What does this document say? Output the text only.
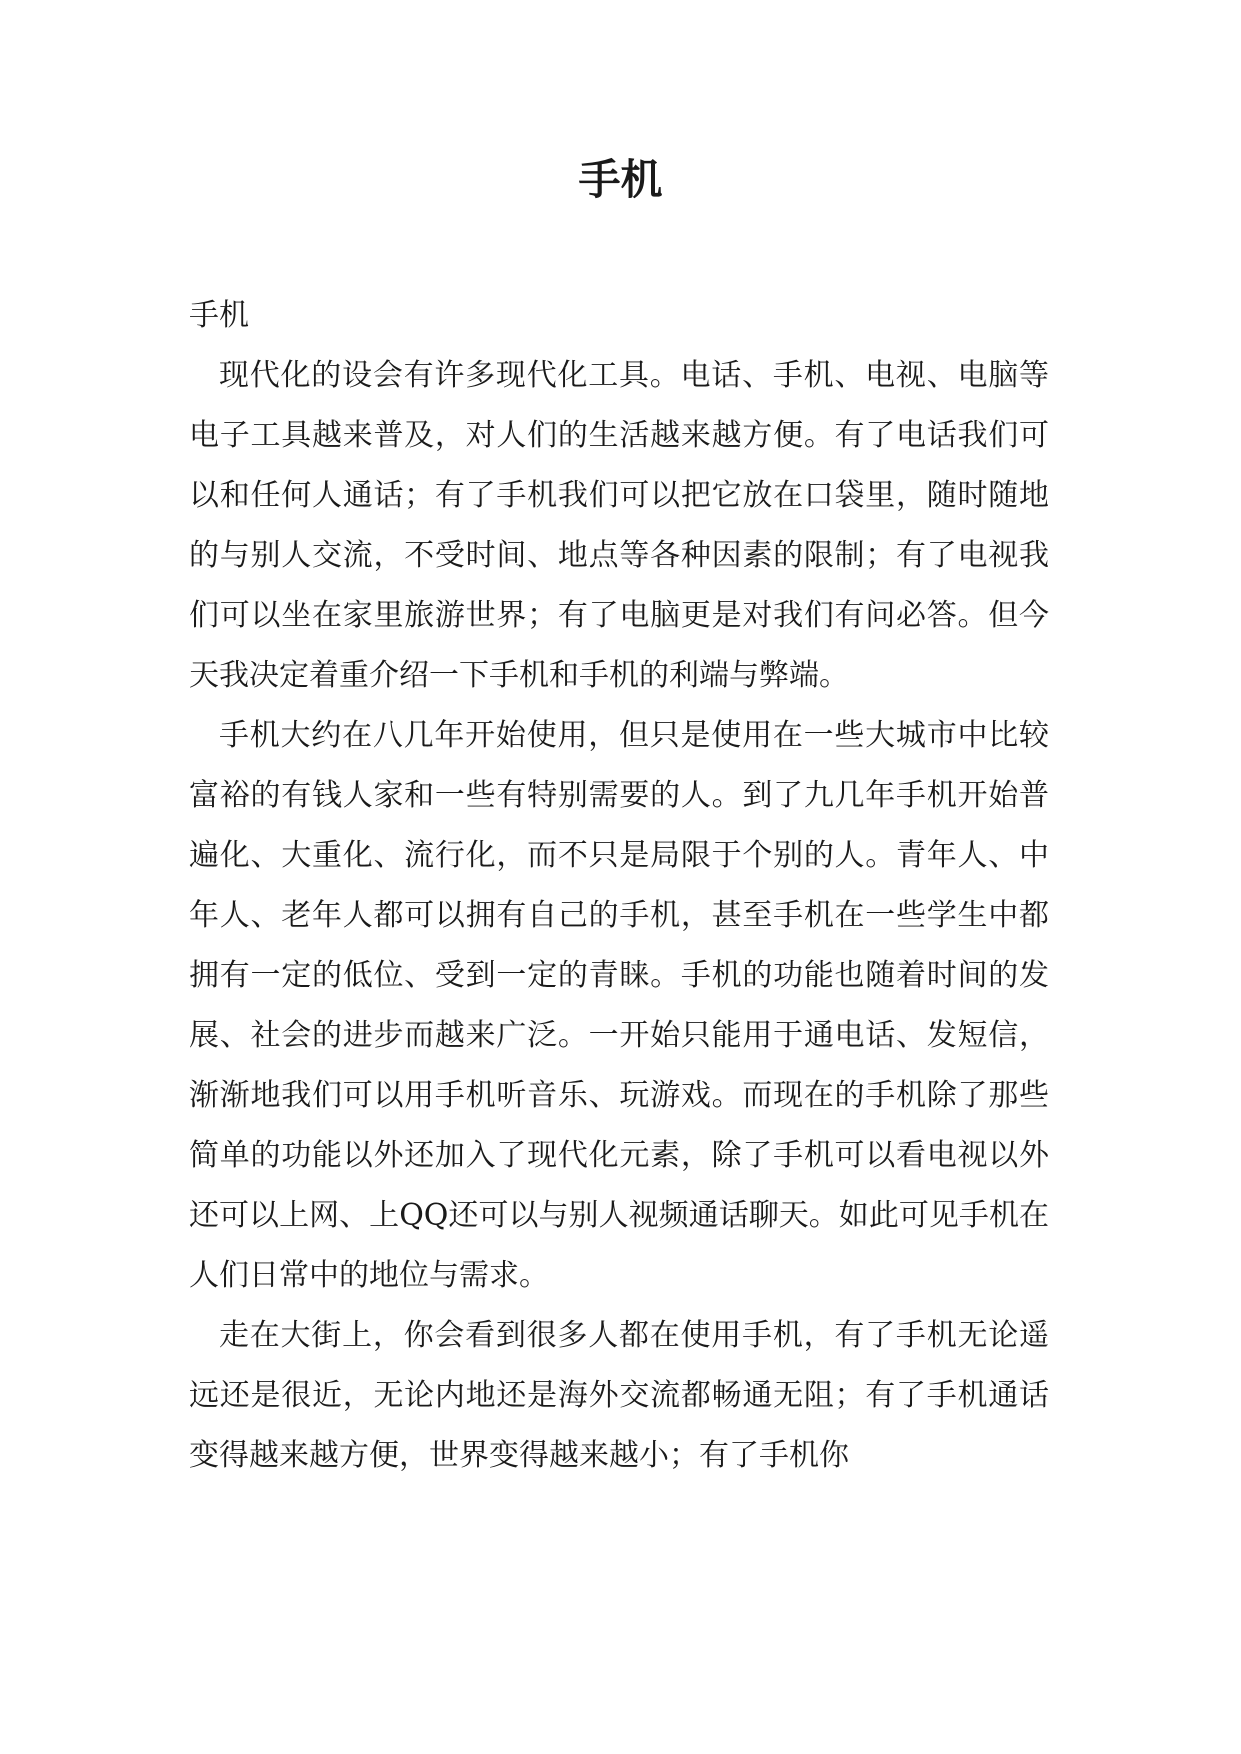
手机

手机

现代化的设会有许多现代化工具。电话、手机、电视、电脑等电子工具越来普及，对人们的生活越来越方便。有了电话我们可以和任何人通话；有了手机我们可以把它放在口袋里，随时随地的与别人交流，不受时间、地点等各种因素的限制；有了电视我们可以坐在家里旅游世界；有了电脑更是对我们有问必答。但今天我决定着重介绍一下手机和手机的利端与弊端。

手机大约在八几年开始使用，但只是使用在一些大城市中比较富裕的有钱人家和一些有特别需要的人。到了九几年手机开始普遍化、大重化、流行化，而不只是局限于个别的人。青年人、中年人、老年人都可以拥有自己的手机，甚至手机在一些学生中都拥有一定的低位、受到一定的青睐。手机的功能也随着时间的发展、社会的进步而越来广泛。一开始只能用于通电话、发短信，渐渐地我们可以用手机听音乐、玩游戏。而现在的手机除了那些简单的功能以外还加入了现代化元素，除了手机可以看电视以外还可以上网、上QQ还可以与别人视频通话聊天。如此可见手机在人们日常中的地位与需求。

走在大街上，你会看到很多人都在使用手机，有了手机无论遥远还是很近，无论内地还是海外交流都畅通无阻；有了手机通话变得越来越方便，世界变得越来越小；有了手机你
